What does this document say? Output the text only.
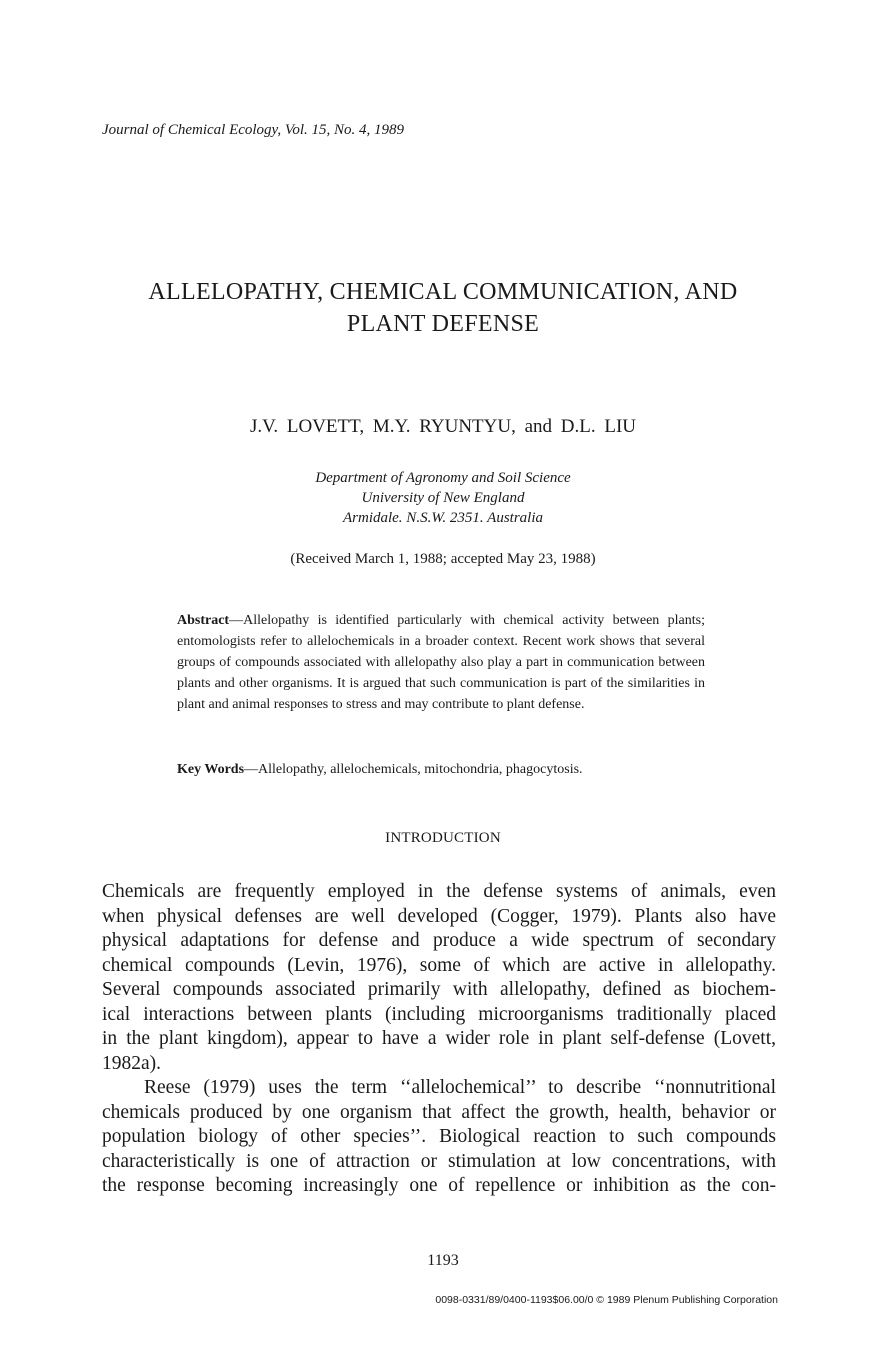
Journal of Chemical Ecology, Vol. 15, No. 4, 1989
ALLELOPATHY, CHEMICAL COMMUNICATION, AND
PLANT DEFENSE
J.V. LOVETT, M.Y. RYUNTYU, and D.L. LIU
Department of Agronomy and Soil Science
University of New England
Armidale. N.S.W. 2351. Australia
(Received March 1, 1988; accepted May 23, 1988)
Abstract—Allelopathy is identified particularly with chemical activity between plants; entomologists refer to allelochemicals in a broader context. Recent work shows that several groups of compounds associated with allelopathy also play a part in communication between plants and other organisms. It is argued that such communication is part of the similarities in plant and animal responses to stress and may contribute to plant defense.
Key Words—Allelopathy, allelochemicals, mitochondria, phagocytosis.
INTRODUCTION
Chemicals are frequently employed in the defense systems of animals, even
when physical defenses are well developed (Cogger, 1979). Plants also have
physical adaptations for defense and produce a wide spectrum of secondary
chemical compounds (Levin, 1976), some of which are active in allelopathy.
Several compounds associated primarily with allelopathy, defined as biochem-
ical interactions between plants (including microorganisms traditionally placed
in the plant kingdom), appear to have a wider role in plant self-defense (Lovett,
1982a).
Reese (1979) uses the term ‘‘allelochemical’’ to describe ‘‘nonnutritional
chemicals produced by one organism that affect the growth, health, behavior or
population biology of other species’’. Biological reaction to such compounds
characteristically is one of attraction or stimulation at low concentrations, with
the response becoming increasingly one of repellence or inhibition as the con-
1193
0098-0331/89/0400-1193$06.00/0 © 1989 Plenum Publishing Corporation
